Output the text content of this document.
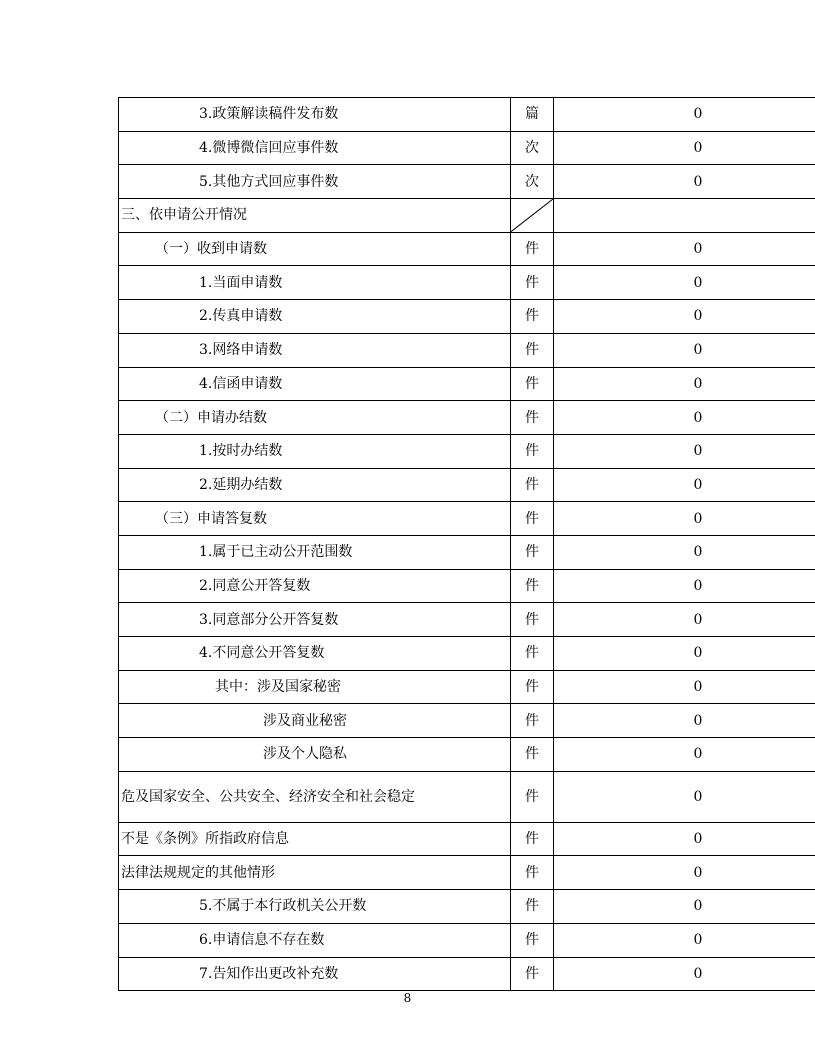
3.政策解读稿件发布数	篇	0
4.微博微信回应事件数	次	0
5.其他方式回应事件数	次	0
三、依申请公开情况	

（一）收到申请数	件	0
1.当面申请数	件	0
2.传真申请数	件	0
3.网络申请数	件	0
4.信函申请数	件	0
（二）申请办结数	件	0
1.按时办结数	件	0
2.延期办结数	件	0
（三）申请答复数	件	0
1.属于已主动公开范围数	件	0
2.同意公开答复数	件	0
3.同意部分公开答复数	件	0
4.不同意公开答复数	件	0
其中：涉及国家秘密	件	0
涉及商业秘密	件	0
涉及个人隐私	件	0
危及国家安全、公共安全、经济安全和社会稳定	件	0
不是《条例》所指政府信息	件	0
法律法规规定的其他情形	件	0
5.不属于本行政机关公开数	件	0
6.申请信息不存在数	件	0
7.告知作出更改补充数	件	0
8
